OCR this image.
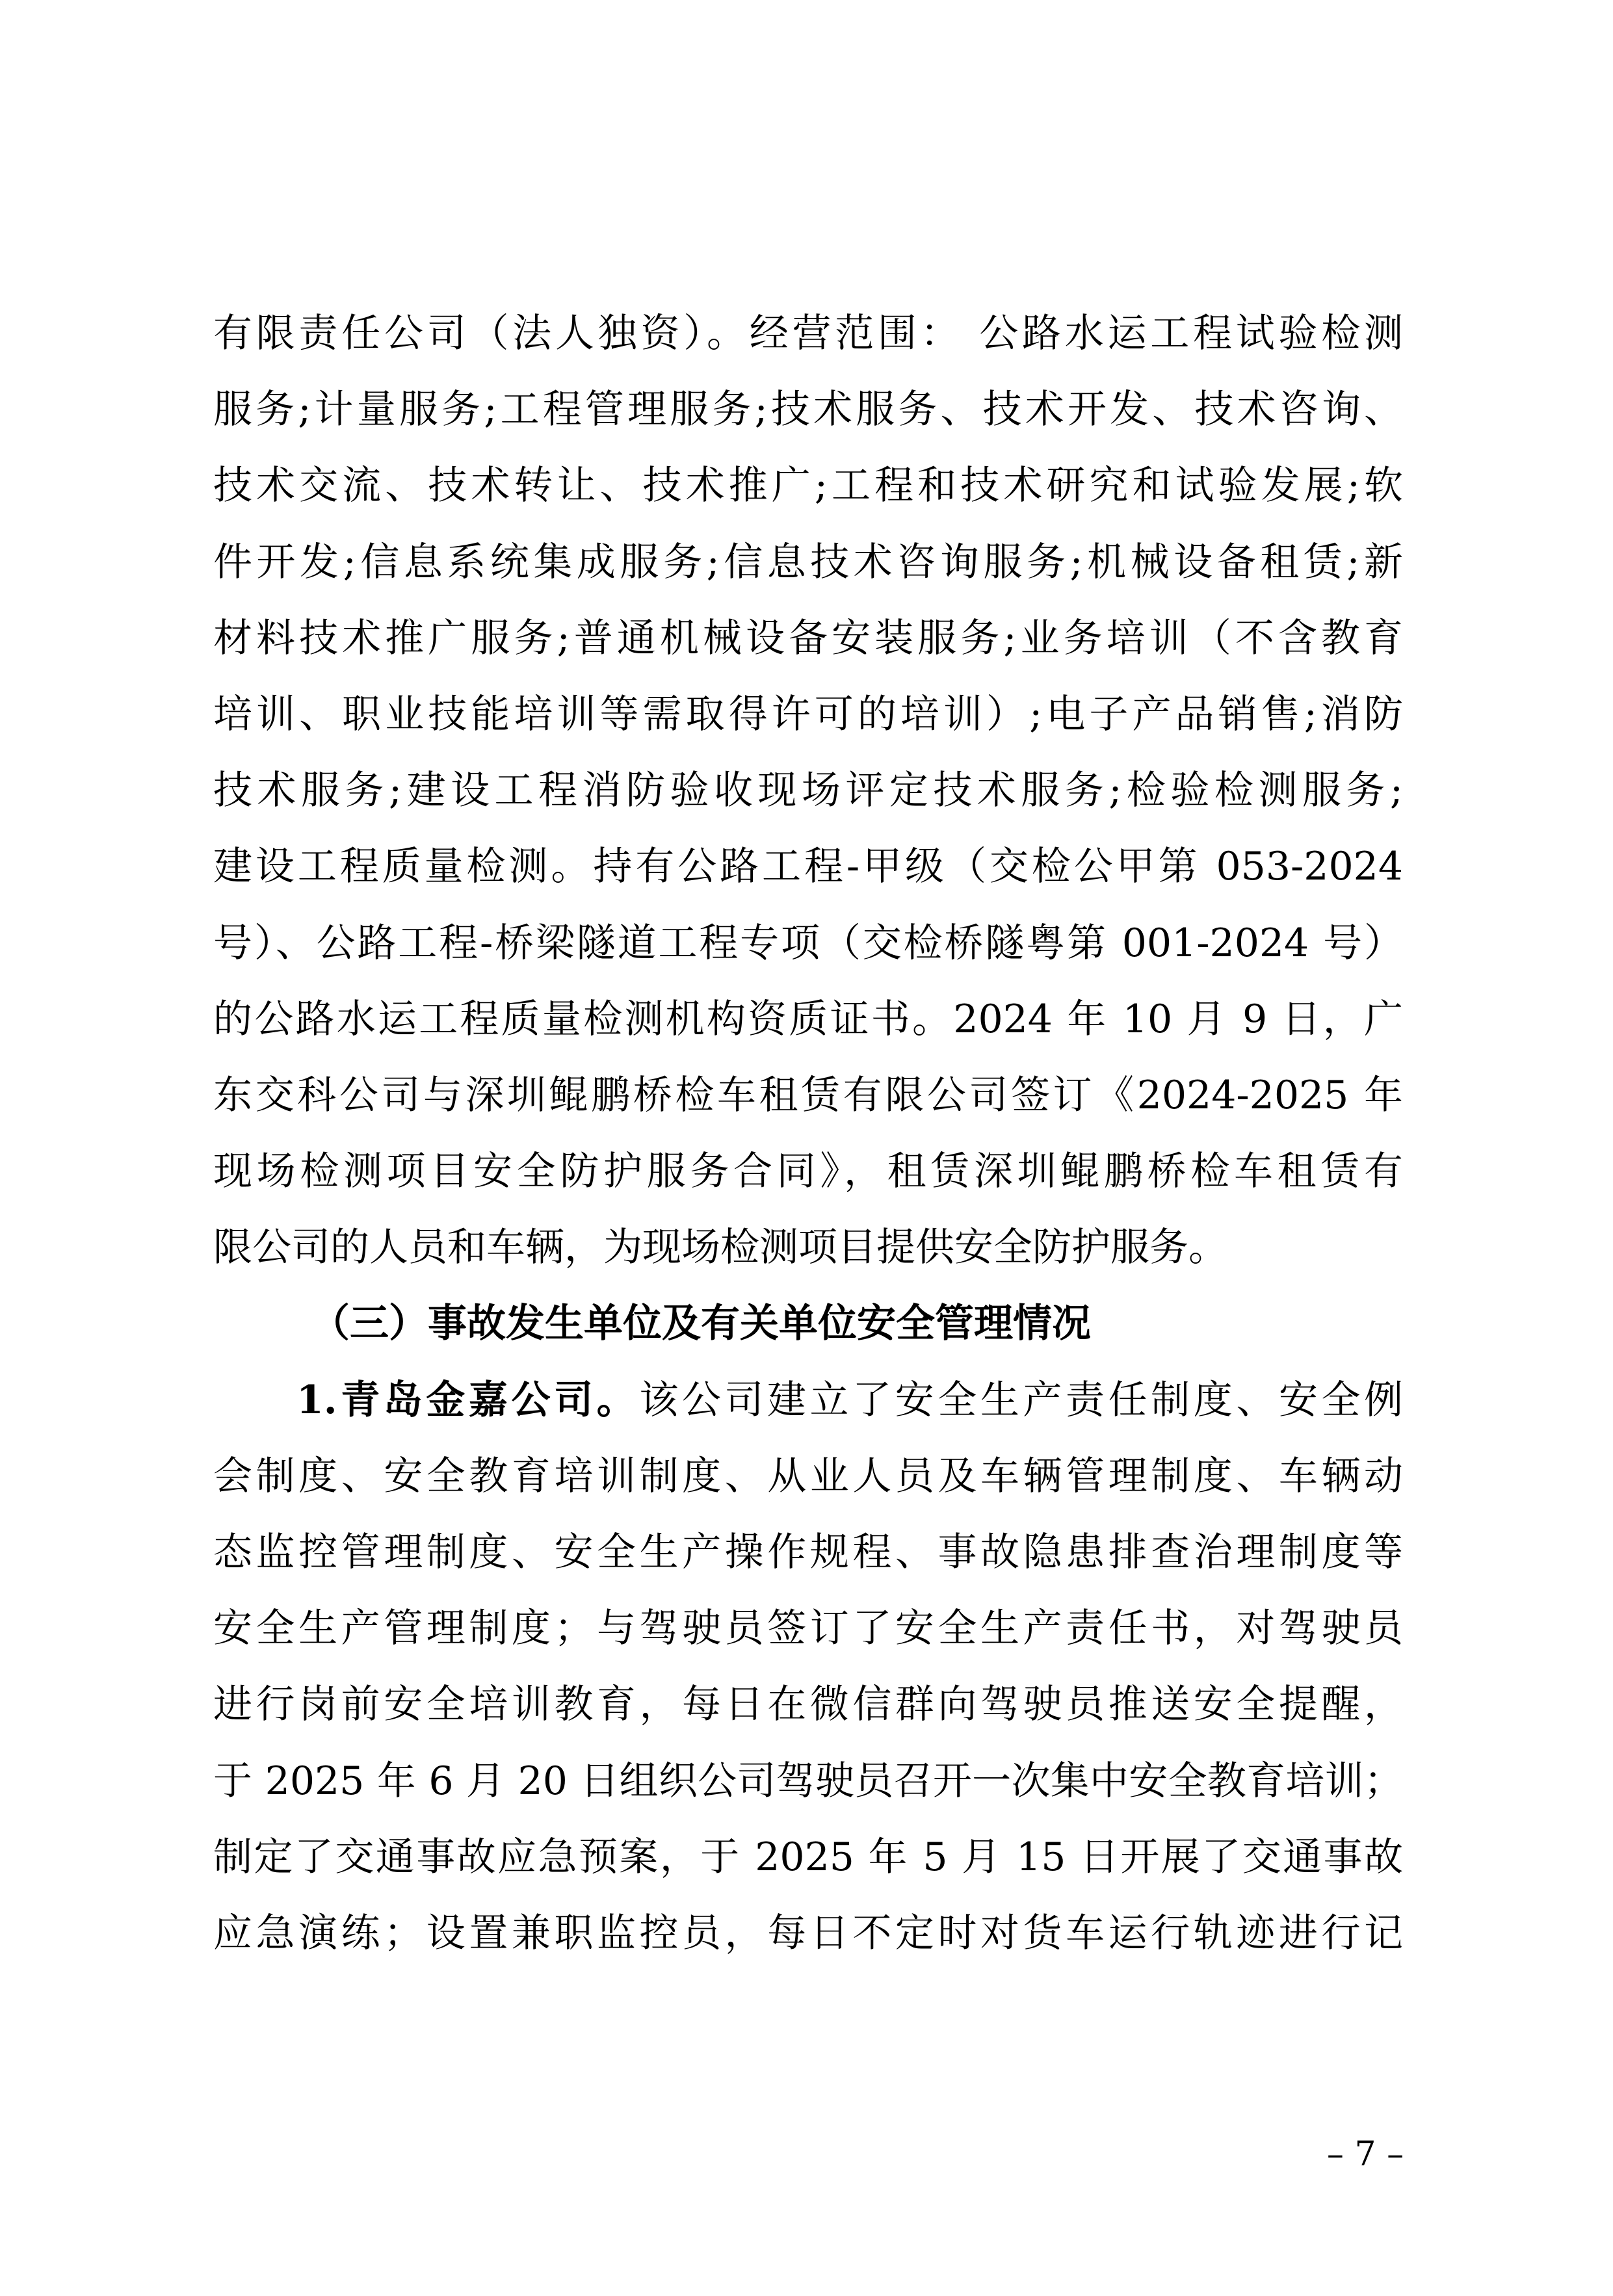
有限责任公司（法人独资）。经营范围： 公路水运工程试验检测
服务;计量服务;工程管理服务;技术服务、技术开发、技术咨询、
技术交流、技术转让、技术推广;工程和技术研究和试验发展;软
件开发;信息系统集成服务;信息技术咨询服务;机械设备租赁;新
材料技术推广服务;普通机械设备安装服务;业务培训（不含教育
培训、职业技能培训等需取得许可的培训）;电子产品销售;消防
技术服务;建设工程消防验收现场评定技术服务;检验检测服务;
建设工程质量检测。持有公路工程-甲级（交检公甲第 053-2024
号）、公路工程-桥梁隧道工程专项（交检桥隧粤第 001-2024 号）
的公路水运工程质量检测机构资质证书。2024 年 10 月 9 日，广
东交科公司与深圳鲲鹏桥检车租赁有限公司签订《2024-2025 年
现场检测项目安全防护服务合同》，租赁深圳鲲鹏桥检车租赁有
限公司的人员和车辆，为现场检测项目提供安全防护服务。
（三）事故发生单位及有关单位安全管理情况
1.青岛金嘉公司。该公司建立了安全生产责任制度、安全例
会制度、安全教育培训制度、从业人员及车辆管理制度、车辆动
态监控管理制度、安全生产操作规程、事故隐患排查治理制度等
安全生产管理制度；与驾驶员签订了安全生产责任书，对驾驶员
进行岗前安全培训教育，每日在微信群向驾驶员推送安全提醒，
于 2025 年 6 月 20 日组织公司驾驶员召开一次集中安全教育培训；
制定了交通事故应急预案，于 2025 年 5 月 15 日开展了交通事故
应急演练；设置兼职监控员，每日不定时对货车运行轨迹进行记
– 7 –
